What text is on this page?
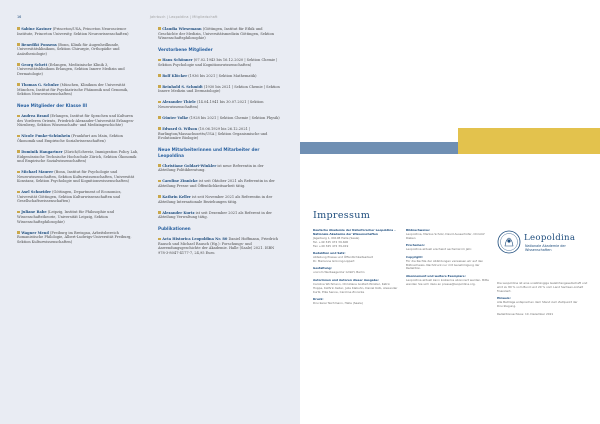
16	Jahrbuch | Leopoldina | Mitgliedschaft
Sabine Kastner (Princeton/USA, Princeton Neuroscience Institute, Princeton University, Sektion Neurowissenschaften)
Benedikt Ponsens (Bonn, Klinik für Augenheilkunde, Universitätsklinikum, Sektion Chirurgie, Orthopädie und Anästhesiologie)
Georg Schett (Erlangen, Medizinische Klinik 3, Universitätsklinikum Erlangen, Sektion Innere Medizin und Dermatologie)
Thomas G. Schulze (München, Klinikum der Universität München, Institut für Psychiatrische Phänomik und Genomik, Sektion Neurowissenschaften)
Neue Mitglieder der Klasse III
Andrea Brand (Erlangen, Institut für Sprachen und Kulturen des Vorderen Orients, Friedrich-Alexander-Universität Erlangen-Nürnberg, Sektion Wissenschafts- und Medizingeschichte)
Nicole Funke-Schünhein (Frankfurt am Main, Sektion Ökonomik und Empirische Sozialwissenschaften)
Dominik Hangartner (Zürich/Schweiz, Immigration Policy Lab, Eidgenössische Technische Hochschule Zürich, Sektion Ökonomik und Empirische Sozialwissenschaften)
Michael Maurer (Bonn, Institut für Psychologie und Neurowissenschaften, Sektion Kulturwissenschaften, Universität Konstanz, Sektion Psychologie und Kognitionswissenschaften)
Axel Schneider (Göttingen, Department of Economics, Universität Göttingen, Sektion Kulturwissenschaften und Gesellschaftswissenschaften)
Juliane Rabe (Leipzig, Institut für Philosophie und Wissenschaftstheorie, Universität Leipzig, Sektion Wissenschaftsphilosophie)
Wagner Mend (Freiburg im Breisgau, Arbeitsbereich Romanistische Philologie, Albert-Ludwigs-Universität Freiburg, Sektion Kulturwissenschaften)
Claudia Wiesemann (Göttingen, Institut für Ethik und Geschichte der Medizin, Universitätsmedizin Göttingen, Sektion Wissenschaftsphilosophie)
Verstorbene Mitglieder
Hans Schönner (07.02.1943 bis 16.12.2020 | Sektion Chemie | Sektion Psychologie und Kognitionswissenschaften)
Rolf Klöcker (1936 bis 2021 | Sektion Mathematik)
Reinhold S. Schmidt (1930 bis 2021 | Sektion Chemie | Sektion Innere Medizin und Dermatologie)
Alexander Thiele (14.04.1941 bis 30.07.2021 | Sektion Neurowissenschaften)
Günter Volke (1928 bis 2021 | Sektion Chemie | Sektion Physik)
Edward O. Wilson (10.06.1929 bis 26.12.2021 | Burlington/Massachusetts/USA | Sektion Organismische und Evolutionäre Biologie)
Neue Mitarbeiterinnen und Mitarbeiter der Leopoldina
Christiane Goldart-Winkler ist neue Referentin in der Abteilung Politikberatung.
Caroline Zinnicke ist seit Oktober 2021 als Referentin in der Abteilung Presse und Öffentlichkeitsarbeit tätig.
Kathrin Keller ist seit November 2021 als Referentin in der Abteilung Internationale Beziehungen tätig.
Alexander Kurtz ist seit Dezember 2021 als Referent in der Abteilung Verwaltung tätig.
Publikationen
Acta Historica Leopoldina Nr. 80 Daniel Hoffmann, Friedrich Rausch und Michael Rausch (Hg.): Forschungs- und Anwendungsgeschichte der Akademie. Halle (Saale) 2021. ISBN 978-3-8047-4177-7, 24,95 Euro.
Impressum
Deutsche Akademie der Naturforscher Leopoldina – Nationale Akademie der Wissenschaften
Jägerberg 1, 06108 Halle (Saale)
Tel. +49 345 472 39-600
Fax +49 345 472 39-919
Redaktion und Satz:
Abteilung Presse und Öffentlichkeitsarbeit
Dr. Marianne Grüning-Lippert
Gestaltung:
unicom Werbeagentur GmbH, Berlin
Autorinnen und Autoren dieser Ausgabe:
Caroline Wichmann, Christiane Goldart-Winkler, Katrin Hoppe, Kathrin Keller, Julia Klabuhn, Daniel Kolb, Alexander Kurtz, Elke Senne, Caroline Zinnicke
Druck:
Druckerei Teichmann, Halle (Saale)
Bildnachweise:
Leopoldina, Markus Scholz, David Ausserhofer, Christof Rieken
Erscheinen:
Leopoldina aktuell erscheint sechsmal im Jahr.
Copyright:
Für die Rechte der Abbildungen verweisen wir auf den Bildnachweis. Nachdruck nur mit Genehmigung der Redaktion.
Abonnement und weitere Exemplare:
Leopoldina aktuell kann kostenlos abonniert werden. Bitte wenden Sie sich dazu an presse@leopoldina.org.
Leopoldina
Nationale Akademie der Wissenschaften
Die Leopoldina ist eine unabhängige Gelehrtengesellschaft und wird zu 80 % vom Bund und 20 % vom Land Sachsen-Anhalt finanziert.
Hinweis:
Alle Beiträge entsprechen dem Stand zum Zeitpunkt der Drucklegung.
Redaktionsschluss: 10. Dezember 2021
